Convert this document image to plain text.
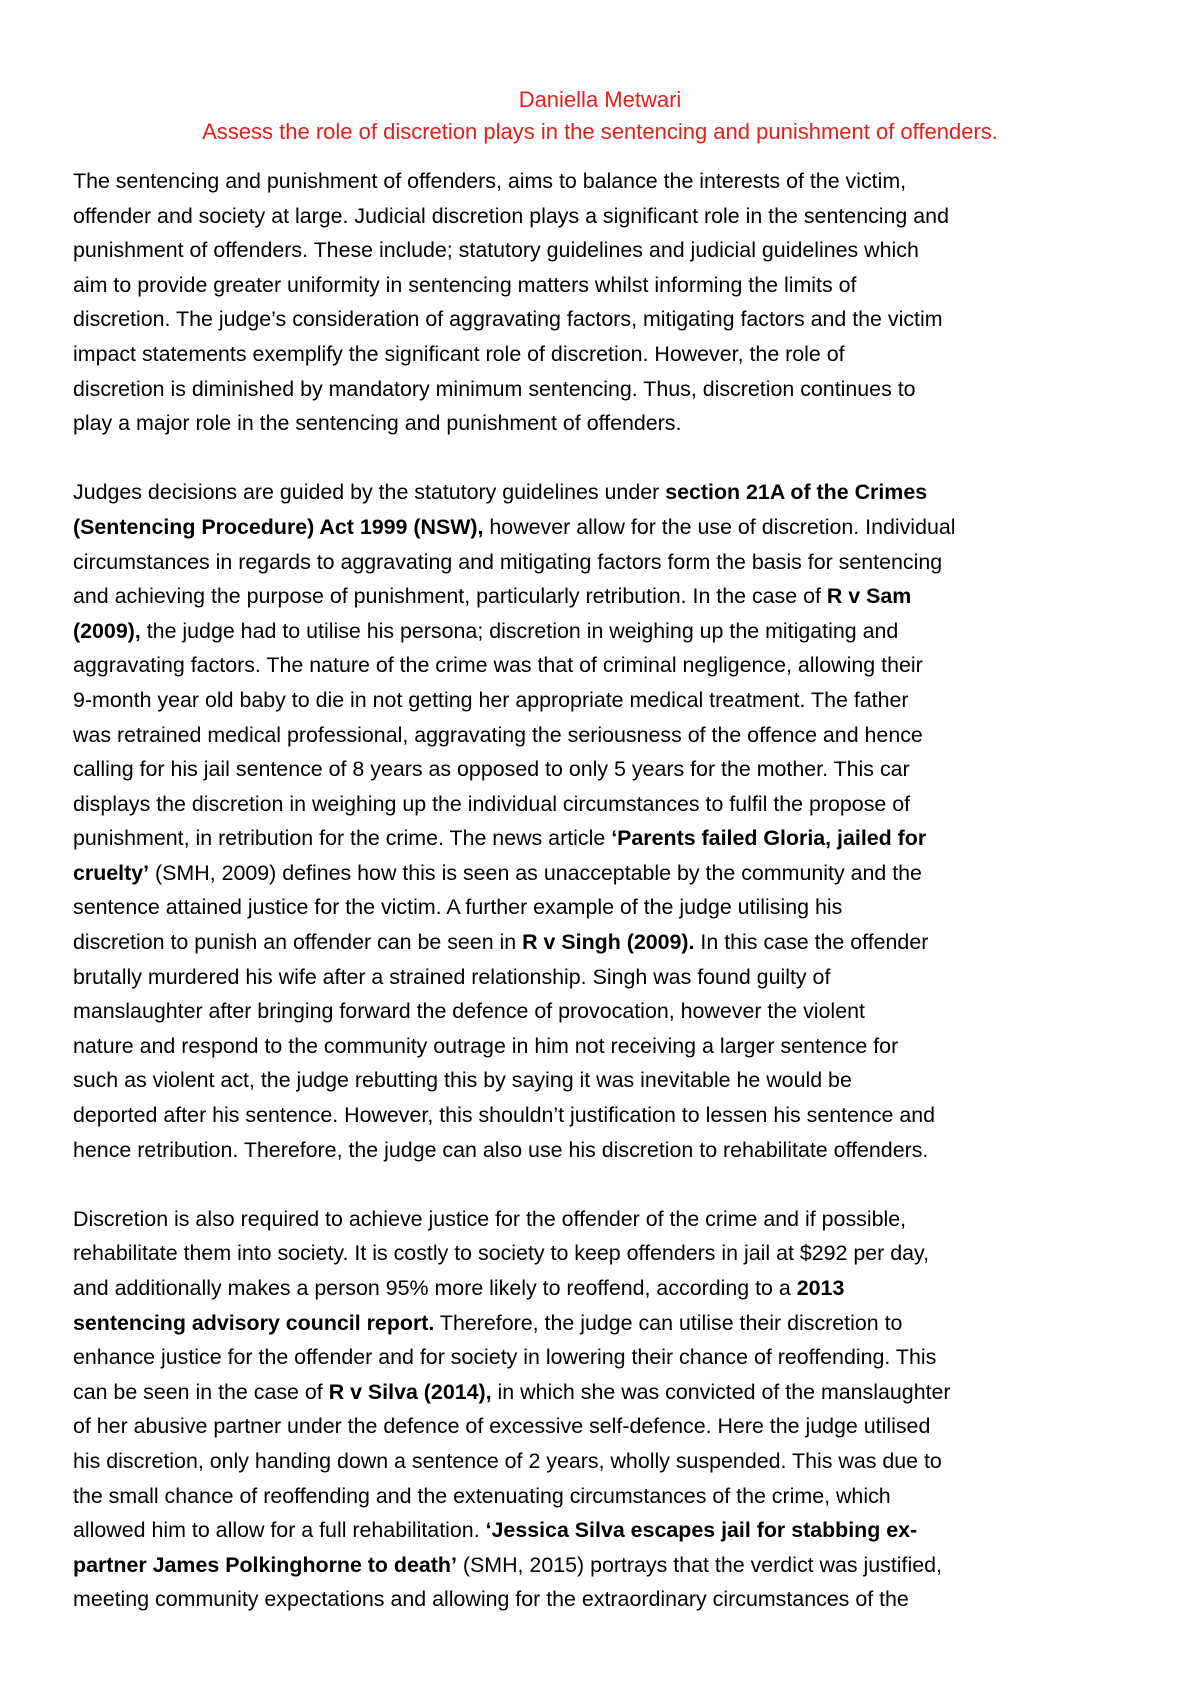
Daniella Metwari
Assess the role of discretion plays in the sentencing and punishment of offenders.

The sentencing and punishment of offenders, aims to balance the interests of the victim,
offender and society at large. Judicial discretion plays a significant role in the sentencing and
punishment of offenders. These include; statutory guidelines and judicial guidelines which
aim to provide greater uniformity in sentencing matters whilst informing the limits of
discretion. The judge’s consideration of aggravating factors, mitigating factors and the victim
impact statements exemplify the significant role of discretion. However, the role of
discretion is diminished by mandatory minimum sentencing. Thus, discretion continues to
play a major role in the sentencing and punishment of offenders.

Judges decisions are guided by the statutory guidelines under section 21A of the Crimes
(Sentencing Procedure) Act 1999 (NSW), however allow for the use of discretion. Individual
circumstances in regards to aggravating and mitigating factors form the basis for sentencing
and achieving the purpose of punishment, particularly retribution. In the case of R v Sam
(2009), the judge had to utilise his persona; discretion in weighing up the mitigating and
aggravating factors. The nature of the crime was that of criminal negligence, allowing their
9-month year old baby to die in not getting her appropriate medical treatment. The father
was retrained medical professional, aggravating the seriousness of the offence and hence
calling for his jail sentence of 8 years as opposed to only 5 years for the mother. This car
displays the discretion in weighing up the individual circumstances to fulfil the propose of
punishment, in retribution for the crime. The news article ‘Parents failed Gloria, jailed for
cruelty’ (SMH, 2009) defines how this is seen as unacceptable by the community and the
sentence attained justice for the victim. A further example of the judge utilising his
discretion to punish an offender can be seen in R v Singh (2009). In this case the offender
brutally murdered his wife after a strained relationship. Singh was found guilty of
manslaughter after bringing forward the defence of provocation, however the violent
nature and respond to the community outrage in him not receiving a larger sentence for
such as violent act, the judge rebutting this by saying it was inevitable he would be
deported after his sentence. However, this shouldn’t justification to lessen his sentence and
hence retribution. Therefore, the judge can also use his discretion to rehabilitate offenders.

Discretion is also required to achieve justice for the offender of the crime and if possible,
rehabilitate them into society. It is costly to society to keep offenders in jail at $292 per day,
and additionally makes a person 95% more likely to reoffend, according to a 2013
sentencing advisory council report. Therefore, the judge can utilise their discretion to
enhance justice for the offender and for society in lowering their chance of reoffending. This
can be seen in the case of R v Silva (2014), in which she was convicted of the manslaughter
of her abusive partner under the defence of excessive self-defence. Here the judge utilised
his discretion, only handing down a sentence of 2 years, wholly suspended. This was due to
the small chance of reoffending and the extenuating circumstances of the crime, which
allowed him to allow for a full rehabilitation. ‘Jessica Silva escapes jail for stabbing ex-
partner James Polkinghorne to death’ (SMH, 2015) portrays that the verdict was justified,
meeting community expectations and allowing for the extraordinary circumstances of the
